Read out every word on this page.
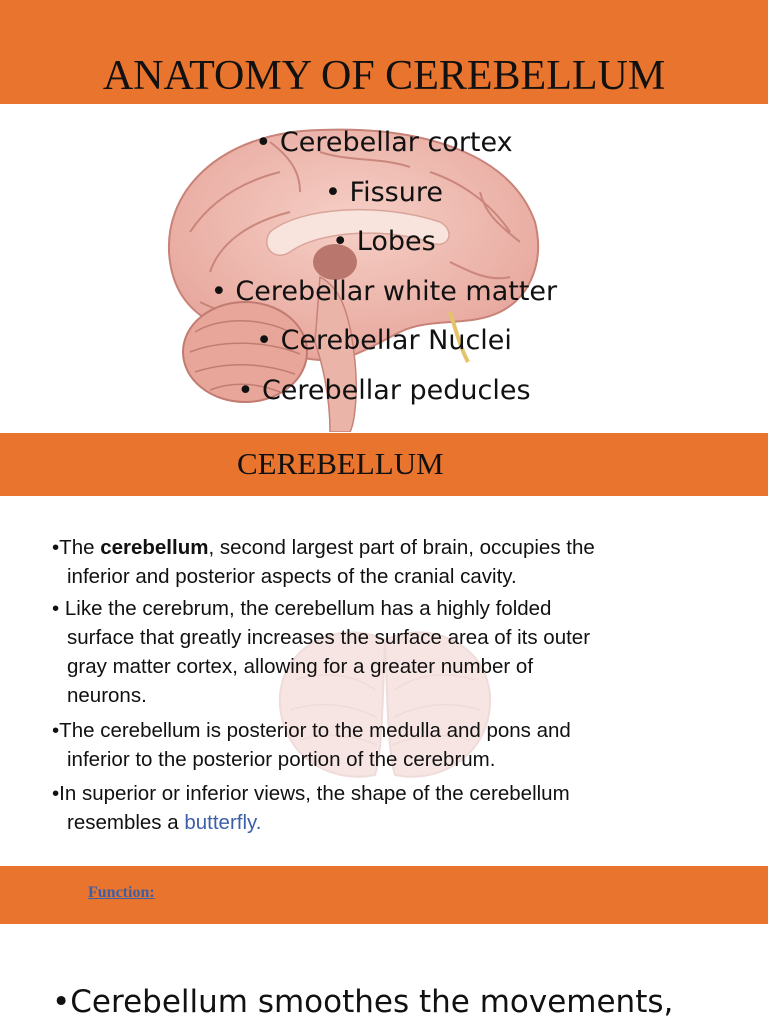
ANATOMY OF CEREBELLUM
• Cerebellar cortex
• Fissure
• Lobes
• Cerebellar white matter
• Cerebellar Nuclei
• Cerebellar peducles
CEREBELLUM
•The cerebellum, second largest part of brain, occupies the
inferior and posterior aspects of the cranial cavity.
• Like the cerebrum, the cerebellum has a highly folded
surface that greatly increases the surface area of its outer
gray matter cortex, allowing for a greater number of
neurons.
•The cerebellum is posterior to the medulla and pons and
inferior to the posterior portion of the cerebrum.
•In superior or inferior views, the shape of the cerebellum
resembles a butterfly.
Function:
•Cerebellum smoothes the movements,
